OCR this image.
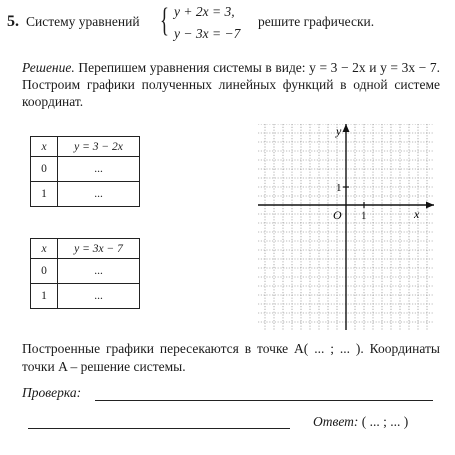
5. Систему уравнений { y + 2x = 3,
y − 3x = −7
решите графически.
Решение. Перепишем уравнения системы в виде: y = 3 − 2x и y = 3x − 7. Построим графики полученных линейных функций в одной системе координат.
x	y = 3 − 2x
0	...
1	...
x	y = 3x − 7
0	...
1	...
y
x
O 1
1
Построенные графики пересекаются в точке A( ... ; ... ). Координаты точки A – решение системы.
Проверка:
Ответ: ( ... ; ... )
